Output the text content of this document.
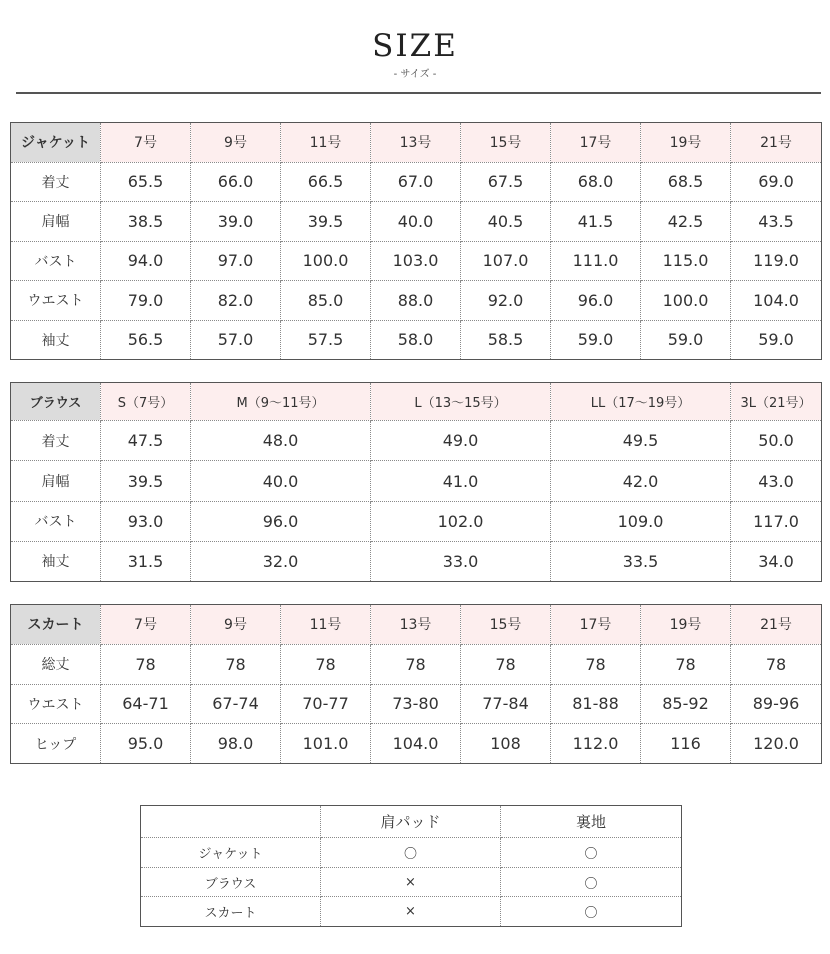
SIZE
- サイズ -
ジャケット	7号	9号	11号	13号	15号	17号	19号	21号
着丈	65.5	66.0	66.5	67.0	67.5	68.0	68.5	69.0
肩幅	38.5	39.0	39.5	40.0	40.5	41.5	42.5	43.5
バスト	94.0	97.0	100.0	103.0	107.0	111.0	115.0	119.0
ウエスト	79.0	82.0	85.0	88.0	92.0	96.0	100.0	104.0
袖丈	56.5	57.0	57.5	58.0	58.5	59.0	59.0	59.0
ブラウス	S（7号）	M（9〜11号）	L（13〜15号）	LL（17〜19号）	3L（21号）
着丈	47.5	48.0	49.0	49.5	50.0
肩幅	39.5	40.0	41.0	42.0	43.0
バスト	93.0	96.0	102.0	109.0	117.0
袖丈	31.5	32.0	33.0	33.5	34.0
スカート	7号	9号	11号	13号	15号	17号	19号	21号
総丈	78	78	78	78	78	78	78	78
ウエスト	64-71	67-74	70-77	73-80	77-84	81-88	85-92	89-96
ヒップ	95.0	98.0	101.0	104.0	108	112.0	116	120.0
	肩パッド	裏地
ジャケット	〇	〇
ブラウス	×	〇
スカート	×	〇
